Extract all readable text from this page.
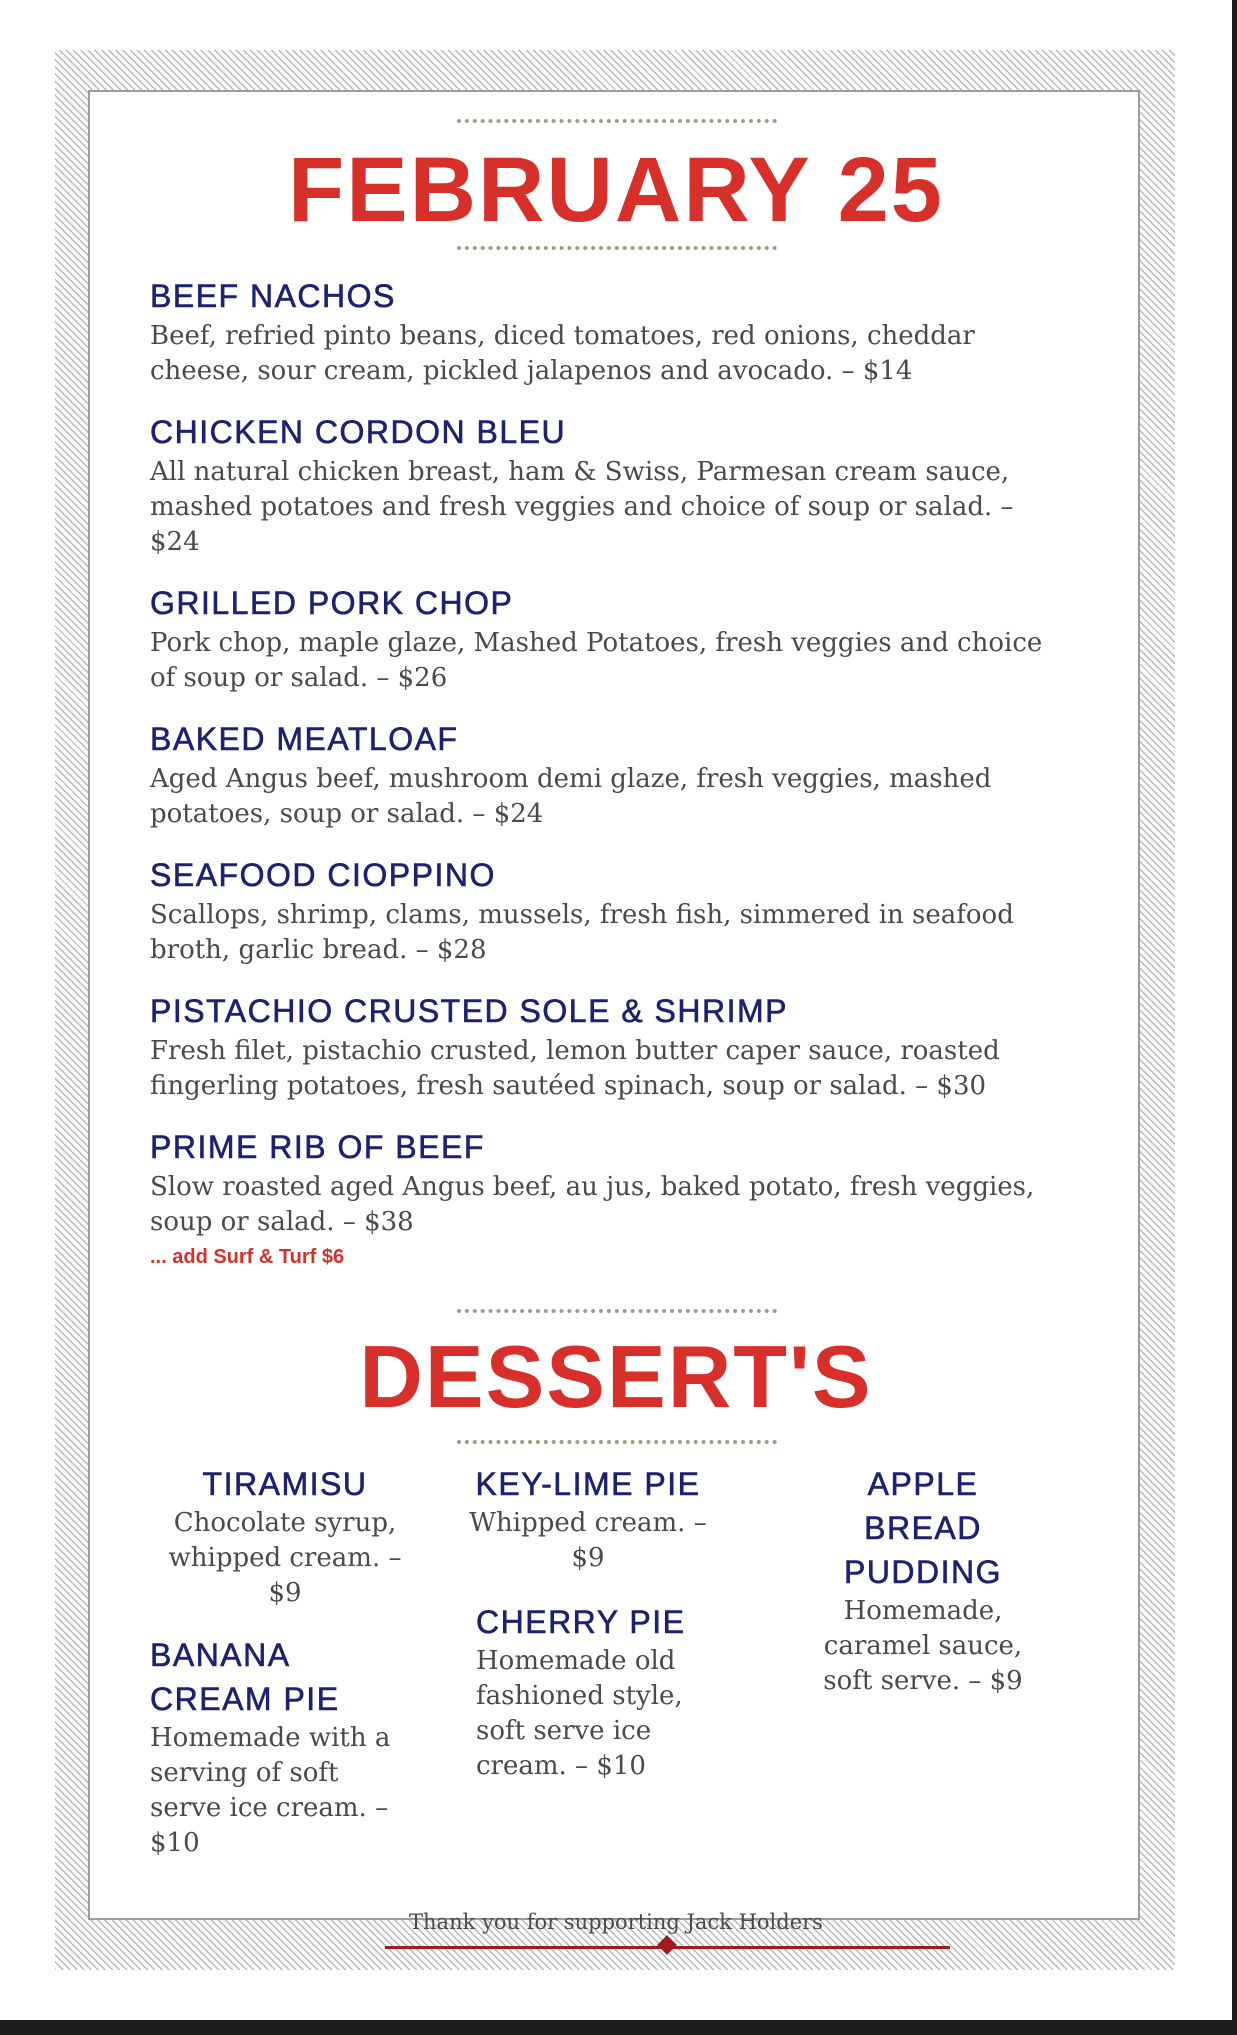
FEBRUARY 25
BEEF NACHOS

Beef, refried pinto beans, diced tomatoes, red onions, cheddar cheese, sour cream, pickled jalapenos and avocado. – $14

CHICKEN CORDON BLEU

All natural chicken breast, ham & Swiss, Parmesan cream sauce, mashed potatoes and fresh veggies and choice of soup or salad. – $24

GRILLED PORK CHOP

Pork chop, maple glaze, Mashed Potatoes, fresh veggies and choice of soup or salad. – $26

BAKED MEATLOAF

Aged Angus beef, mushroom demi glaze, fresh veggies, mashed potatoes, soup or salad. – $24

SEAFOOD CIOPPINO

Scallops, shrimp, clams, mussels, fresh fish, simmered in seafood broth, garlic bread. – $28

PISTACHIO CRUSTED SOLE & SHRIMP

Fresh filet, pistachio crusted, lemon butter caper sauce, roasted fingerling potatoes, fresh sautéed spinach, soup or salad. – $30

PRIME RIB OF BEEF

Slow roasted aged Angus beef, au jus, baked potato, fresh veggies, soup or salad. – $38

... add Surf & Turf $6

DESSERT'S
TIRAMISU

Chocolate syrup, whipped cream. – $9

BANANA CREAM PIE

Homemade with a serving of soft serve ice cream. – $10

KEY-LIME PIE

Whipped cream. – $9

CHERRY PIE

Homemade old fashioned style, soft serve ice cream. – $10

APPLE BREAD PUDDING

Homemade, caramel sauce, soft serve. – $9

Thank you for supporting Jack Holders
